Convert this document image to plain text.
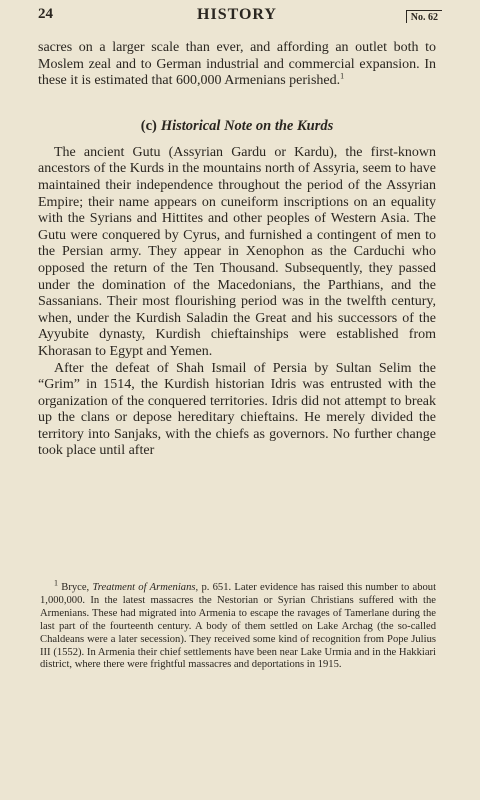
24	HISTORY	No. 62

sacres on a larger scale than ever, and affording an outlet both to Moslem zeal and to German industrial and commercial expansion. In these it is estimated that 600,000 Armenians perished.$^1$

(c) Historical Note on the Kurds

The ancient Gutu (Assyrian Gardu or Kardu), the first-known ancestors of the Kurds in the mountains north of Assyria, seem to have maintained their independence throughout the period of the Assyrian Empire; their name appears on cuneiform inscriptions on an equality with the Syrians and Hittites and other peoples of Western Asia. The Gutu were conquered by Cyrus, and furnished a contingent of men to the Persian army. They appear in Xenophon as the Carduchi who opposed the return of the Ten Thousand. Subsequently, they passed under the domination of the Macedonians, the Parthians, and the Sassanians. Their most flourishing period was in the twelfth century, when, under the Kurdish Saladin the Great and his successors of the Ayyubite dynasty, Kurdish chieftainships were established from Khorasan to Egypt and Yemen.

After the defeat of Shah Ismail of Persia by Sultan Selim the “Grim” in 1514, the Kurdish historian Idris was entrusted with the organization of the conquered territories. Idris did not attempt to break up the clans or depose hereditary chieftains. He merely divided the territory into Sanjaks, with the chiefs as governors. No further change took place until after

$^1$ Bryce, Treatment of Armenians, p. 651. Later evidence has raised this number to about 1,000,000. In the latest massacres the Nestorian or Syrian Christians suffered with the Armenians. These had migrated into Armenia to escape the ravages of Tamerlane during the last part of the fourteenth century. A body of them settled on Lake Archag (the so-called Chaldeans were a later secession). They received some kind of recognition from Pope Julius III (1552). In Armenia their chief settlements have been near Lake Urmia and in the Hakkiari district, where there were frightful massacres and deportations in 1915.
